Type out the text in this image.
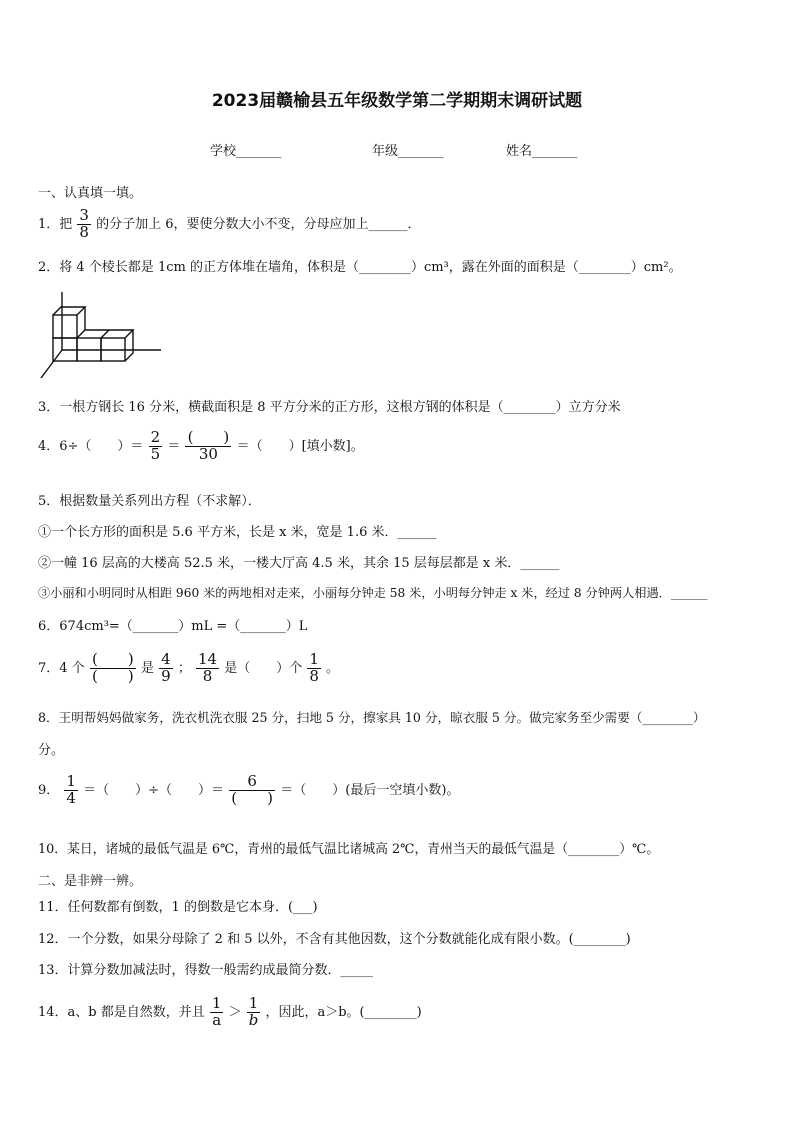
2023届赣榆县五年级数学第二学期期末调研试题
学校_______	年级_______	姓名_______
一、认真填一填。
1．把 $\frac{3}{8}$ 的分子加上 6，要使分数大小不变，分母应加上______．
2．将 4 个棱长都是 1cm 的正方体堆在墙角，体积是（________）cm³，露在外面的面积是（________）cm²。
3．一根方钢长 16 分米，横截面积是 8 平方分米的正方形，这根方钢的体积是（________）立方分米
4．6÷（　　）＝ $\frac{2}{5} = \frac{( )}{30}$ ＝（　　）[填小数]。
5．根据数量关系列出方程（不求解）．
①一个长方形的面积是 5.6 平方米，长是 x 米，宽是 1.6 米．______
②一幢 16 层高的大楼高 52.5 米，一楼大厅高 4.5 米，其余 15 层每层都是 x 米．______
③小丽和小明同时从相距 960 米的两地相对走来，小丽每分钟走 58 米，小明每分钟走 x 米，经过 8 分钟两人相遇．______
6．674cm³=（_______）mL =（_______）L
7．4 个 $\frac{( )}{( )}$ 是 $\frac{4}{9}$ ； $\frac{14}{8}$ 是（　　）个 $\frac{1}{8}$ 。
8．王明帮妈妈做家务，洗衣机洗衣服 25 分，扫地 5 分，擦家具 10 分，晾衣服 5 分。做完家务至少需要（________）
分。
9． $\frac{1}{4}$ ＝（　　）÷（　　）＝ $\frac{6}{( )}$ ＝（　　）(最后一空填小数)。
10．某日，诸城的最低气温是 6℃，青州的最低气温比诸城高 2℃，青州当天的最低气温是（________）℃。
二、是非辨一辨。
11．任何数都有倒数，1 的倒数是它本身．(___)
12．一个分数，如果分母除了 2 和 5 以外，不含有其他因数，这个分数就能化成有限小数。(________)
13．计算分数加减法时，得数一般需约成最简分数．_____
14．a、b 都是自然数，并且 $\frac{1}{a} > \frac{1}{b}$ ，因此，a＞b。(________)
